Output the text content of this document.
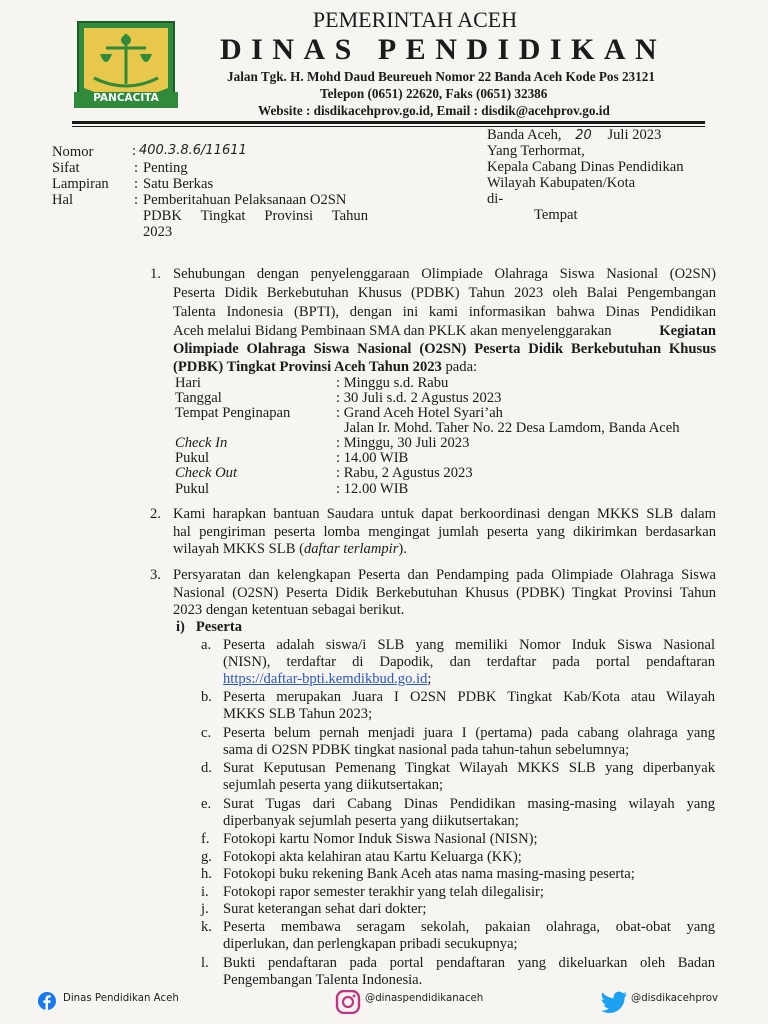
PANCACITA
PEMERINTAH ACEH
DINAS PENDIDIKAN
Jalan Tgk. H. Mohd Daud Beureueh Nomor 22 Banda Aceh Kode Pos 23121
Telepon (0651) 22620, Faks (0651) 32386
Website : disdikacehprov.go.id, Email : disdik@acehprov.go.id
Nomor	: 400.3.8.6/11611
Sifat	: Penting
Lampiran : Satu Berkas
Hal	: Pemberitahuan Pelaksanaan O2SN
PDBK Tingkat Provinsi Tahun
2023
Banda Aceh, 20 Juli 2023
Yang Terhormat,
Kepala Cabang Dinas Pendidikan
Wilayah Kabupaten/Kota
di-
Tempat
1. Sehubungan dengan penyelenggaraan Olimpiade Olahraga Siswa Nasional (O2SN)
Peserta Didik Berkebutuhan Khusus (PDBK) Tahun 2023 oleh Balai Pengembangan
Talenta Indonesia (BPTI), dengan ini kami informasikan bahwa Dinas Pendidikan
Aceh melalui Bidang Pembinaan SMA dan PKLK akan menyelenggarakan	Kegiatan
Olimpiade Olahraga Siswa Nasional (O2SN) Peserta Didik Berkebutuhan Khusus
(PDBK) Tingkat Provinsi Aceh Tahun 2023 pada:
Hari	: Minggu s.d. Rabu
Tanggal	: 30 Juli s.d. 2 Agustus 2023
Tempat Penginapan	: Grand Aceh Hotel Syari’ah
Jalan Ir. Mohd. Taher No. 22 Desa Lamdom, Banda Aceh
Check In	: Minggu, 30 Juli 2023
Pukul	: 14.00 WIB
Check Out	: Rabu, 2 Agustus 2023
Pukul	: 12.00 WIB
2. Kami harapkan bantuan Saudara untuk dapat berkoordinasi dengan MKKS SLB dalam
hal pengiriman peserta lomba mengingat jumlah peserta yang dikirimkan berdasarkan
wilayah MKKS SLB (daftar terlampir).
3. Persyaratan dan kelengkapan Peserta dan Pendamping pada Olimpiade Olahraga Siswa
Nasional (O2SN) Peserta Didik Berkebutuhan Khusus (PDBK) Tingkat Provinsi Tahun
2023 dengan ketentuan sebagai berikut.
i)   Peserta
a. Peserta adalah siswa/i SLB yang memiliki Nomor Induk Siswa Nasional
(NISN), terdaftar di Dapodik, dan terdaftar pada portal pendaftaran
https://daftar-bpti.kemdikbud.go.id;
b. Peserta merupakan Juara I O2SN PDBK Tingkat Kab/Kota atau Wilayah
MKKS SLB Tahun 2023;
c. Peserta belum pernah menjadi juara I (pertama) pada cabang olahraga yang
sama di O2SN PDBK tingkat nasional pada tahun-tahun sebelumnya;
d. Surat Keputusan Pemenang Tingkat Wilayah MKKS SLB yang diperbanyak
sejumlah peserta yang diikutsertakan;
e. Surat Tugas dari Cabang Dinas Pendidikan masing-masing wilayah yang
diperbanyak sejumlah peserta yang diikutsertakan;
f. Fotokopi kartu Nomor Induk Siswa Nasional (NISN);
g. Fotokopi akta kelahiran atau Kartu Keluarga (KK);
h. Fotokopi buku rekening Bank Aceh atas nama masing-masing peserta;
i. Fotokopi rapor semester terakhir yang telah dilegalisir;
j. Surat keterangan sehat dari dokter;
k. Peserta membawa seragam sekolah, pakaian olahraga, obat-obat yang
diperlukan, dan perlengkapan pribadi secukupnya;
l. Bukti pendaftaran pada portal pendaftaran yang dikeluarkan oleh Badan
Pengembangan Talenta Indonesia.
Dinas Pendidikan Aceh	@dinaspendidikanaceh	@disdikacehprov
